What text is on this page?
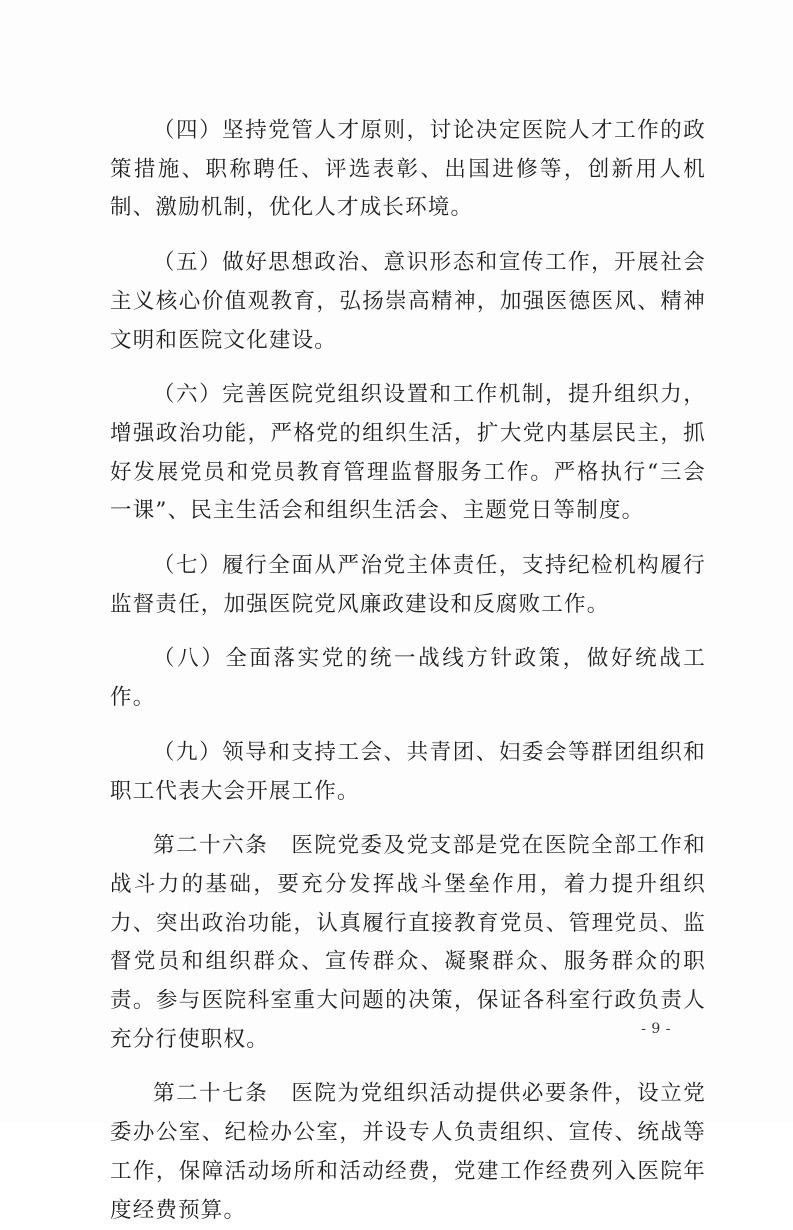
（四）坚持党管人才原则，讨论决定医院人才工作的政策措施、职称聘任、评选表彰、出国进修等，创新用人机制、激励机制，优化人才成长环境。

（五）做好思想政治、意识形态和宣传工作，开展社会主义核心价值观教育，弘扬崇高精神，加强医德医风、精神文明和医院文化建设。

（六）完善医院党组织设置和工作机制，提升组织力，增强政治功能，严格党的组织生活，扩大党内基层民主，抓好发展党员和党员教育管理监督服务工作。严格执行“三会一课”、民主生活会和组织生活会、主题党日等制度。

（七）履行全面从严治党主体责任，支持纪检机构履行监督责任，加强医院党风廉政建设和反腐败工作。

（八）全面落实党的统一战线方针政策，做好统战工作。

（九）领导和支持工会、共青团、妇委会等群团组织和职工代表大会开展工作。

第二十六条　医院党委及党支部是党在医院全部工作和战斗力的基础，要充分发挥战斗堡垒作用，着力提升组织力、突出政治功能，认真履行直接教育党员、管理党员、监督党员和组织群众、宣传群众、凝聚群众、服务群众的职责。参与医院科室重大问题的决策，保证各科室行政负责人充分行使职权。

第二十七条　医院为党组织活动提供必要条件，设立党委办公室、纪检办公室，并设专人负责组织、宣传、统战等工作，保障活动场所和活动经费，党建工作经费列入医院年度经费预算。

- 9 -
